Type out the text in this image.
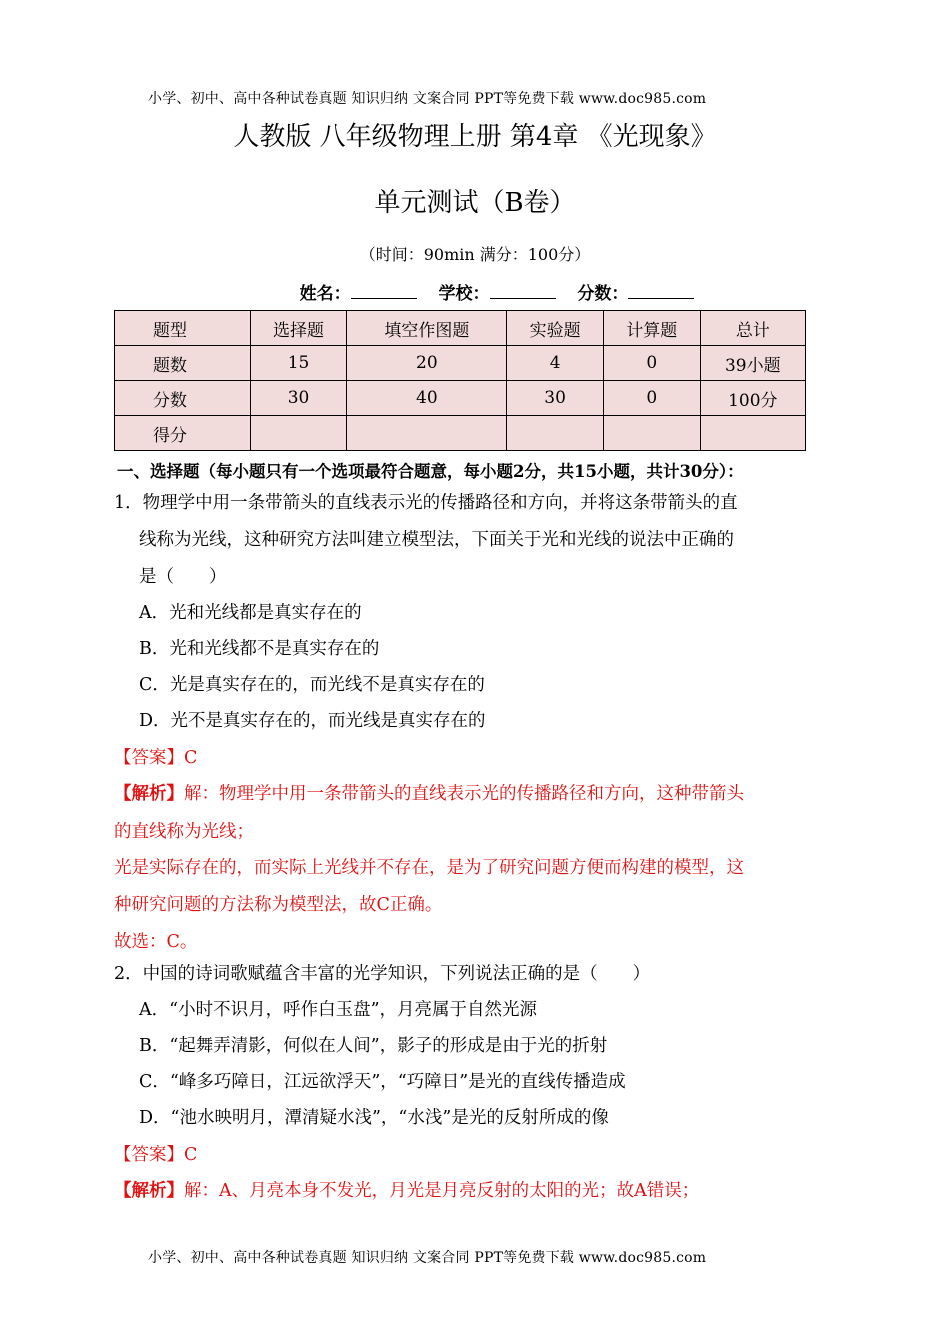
小学、初中、高中各种试卷真题 知识归纳 文案合同 PPT等免费下载 www.doc985.com
人教版 八年级物理上册 第4章 《光现象》
单元测试（B卷）
（时间：90min 满分：100分）
姓名：	学校：	分数：
题型	选择题	填空作图题	实验题	计算题	总计
题数	15	20	4	0	39小题
分数	30	40	30	0	100分
得分					
一、选择题（每小题只有一个选项最符合题意，每小题2分，共15小题，共计30分）：
1．物理学中用一条带箭头的直线表示光的传播路径和方向，并将这条带箭头的直
线称为光线，这种研究方法叫建立模型法，下面关于光和光线的说法中正确的
是（　　）
A．光和光线都是真实存在的
B．光和光线都不是真实存在的
C．光是真实存在的，而光线不是真实存在的
D．光不是真实存在的，而光线是真实存在的
【答案】C
【解析】解：物理学中用一条带箭头的直线表示光的传播路径和方向，这种带箭头
的直线称为光线；
光是实际存在的，而实际上光线并不存在，是为了研究问题方便而构建的模型，这
种研究问题的方法称为模型法，故C正确。
故选：C。
2．中国的诗词歌赋蕴含丰富的光学知识，下列说法正确的是（　　）
A．“小时不识月，呼作白玉盘”，月亮属于自然光源
B．“起舞弄清影，何似在人间”，影子的形成是由于光的折射
C．“峰多巧障日，江远欲浮天”，“巧障日”是光的直线传播造成
D．“池水映明月，潭清疑水浅”，“水浅”是光的反射所成的像
【答案】C
【解析】解：A、月亮本身不发光，月光是月亮反射的太阳的光；故A错误；
小学、初中、高中各种试卷真题 知识归纳 文案合同 PPT等免费下载 www.doc985.com
